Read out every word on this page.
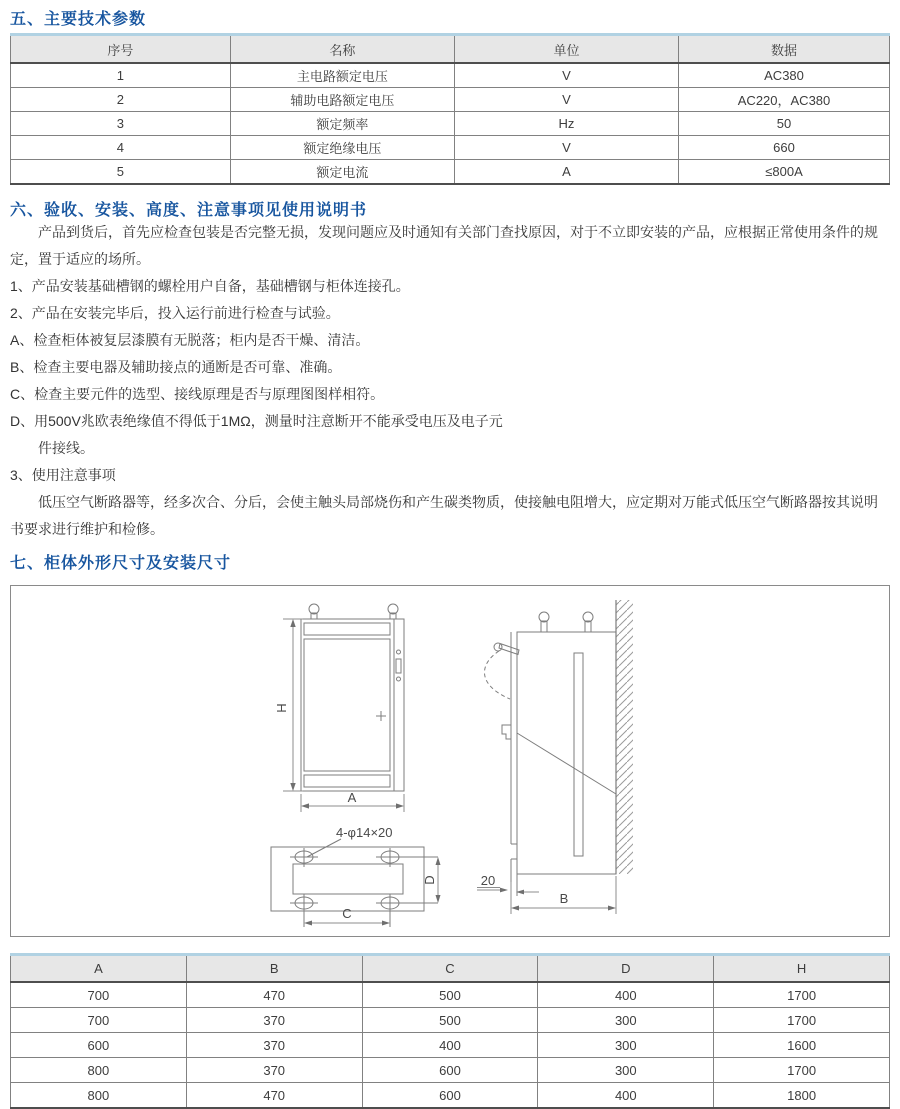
五、主要技术参数
序号	名称	单位	数据
1	主电路额定电压	V	AC380
2	辅助电路额定电压	V	AC220，AC380
3	额定频率	Hz	50
4	额定绝缘电压	V	660
5	额定电流	A	≤800A
六、验收、安装、高度、注意事项见使用说明书
产品到货后，首先应检查包装是否完整无损，发现问题应及时通知有关部门查找原因，对于不立即安装的产品，应根据正常使用条件的规
定，置于适应的场所。
1、产品安装基础槽钢的螺栓用户自备，基础槽钢与柜体连接孔。
2、产品在安装完毕后，投入运行前进行检查与试验。
A、检查柜体被复层漆膜有无脱落；柜内是否干燥、清洁。
B、检查主要电器及辅助接点的通断是否可靠、准确。
C、检查主要元件的选型、接线原理是否与原理图图样相符。
D、用500V兆欧表绝缘值不得低于1MΩ，测量时注意断开不能承受电压及电子元
件接线。
3、使用注意事项
低压空气断路器等，经多次合、分后，会使主触头局部烧伤和产生碳类物质，使接触电阻增大，应定期对万能式低压空气断路器按其说明
书要求进行维护和检修。
七、柜体外形尺寸及安装尺寸
H
A
4-φ14×20
C
D	20
B
A	B	C	D	H
700	470	500	400	1700
700	370	500	300	1700
600	370	400	300	1600
800	370	600	300	1700
800	470	600	400	1800
